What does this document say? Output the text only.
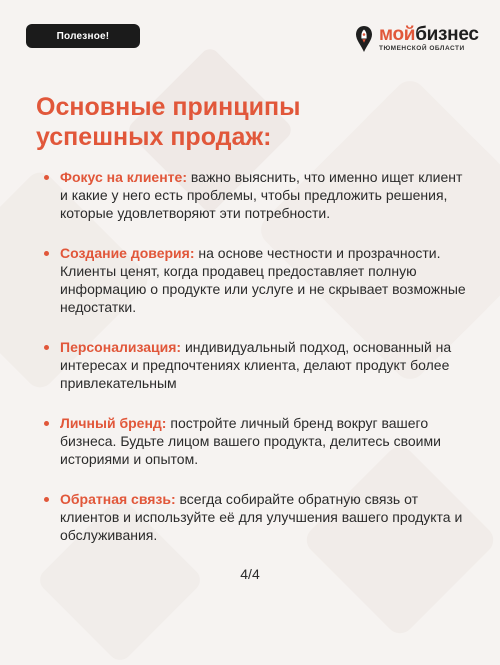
Полезное!	мойбизнес
ТЮМЕНСКОЙ ОБЛАСТИ
Основные принципы
успешных продаж:
Фокус на клиенте: важно выяснить, что именно ищет клиент и какие у него есть проблемы, чтобы предложить решения, которые удовлетворяют эти потребности.
Создание доверия: на основе честности и прозрачности. Клиенты ценят, когда продавец предоставляет полную информацию о продукте или услуге и не скрывает возможные недостатки.
Персонализация: индивидуальный подход, основанный на интересах и предпочтениях клиента, делают продукт более привлекательным
Личный бренд: постройте личный бренд вокруг вашего бизнеса. Будьте лицом вашего продукта, делитесь своими историями и опытом.
Обратная связь: всегда собирайте обратную связь от клиентов и используйте её для улучшения вашего продукта и обслуживания.
4/4
